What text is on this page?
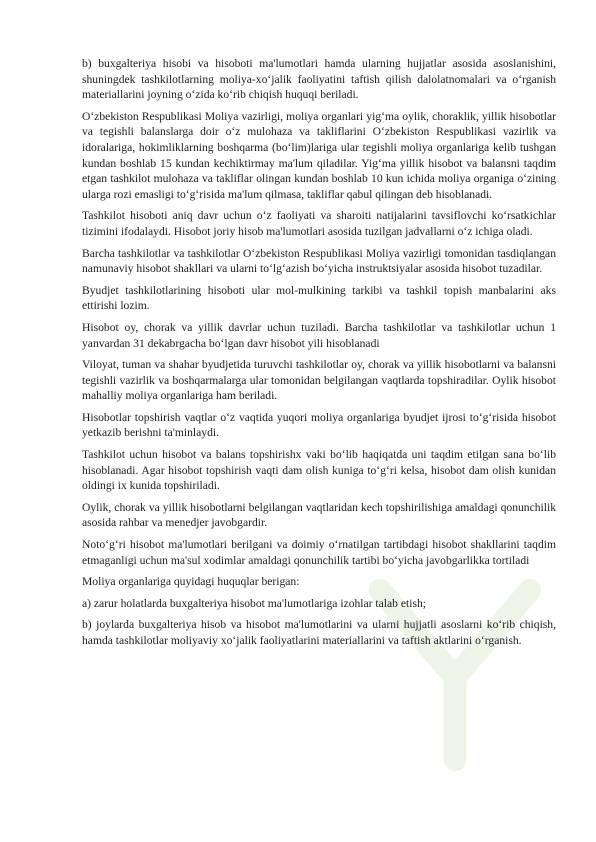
b) buxgalteriya hisobi va hisoboti ma'lumotlari hamda ularning hujjatlar asosida asoslanishini, shuningdek tashkilotlarning moliya-xo‘jalik faoliyatini taftish qilish dalolatnomalari va o‘rganish materiallarini joyning o‘zida ko‘rib chiqish huquqi beriladi.

O‘zbekiston Respublikasi Moliya vazirligi, moliya organlari yig‘ma oylik, choraklik, yillik hisobotlar va tegishli balanslarga doir o‘z mulohaza va takliflarini O‘zbekiston Respublikasi vazirlik va idoralariga, hokimliklarning boshqarma (bo‘lim)lariga ular tegishli moliya organlariga kelib tushgan kundan boshlab 15 kundan kechiktirmay ma'lum qiladilar. Yig‘ma yillik hisobot va balansni taqdim etgan tashkilot mulohaza va takliflar olingan kundan boshlab 10 kun ichida moliya organiga o‘zining ularga rozi emasligi to‘g‘risida ma'lum qilmasa, takliflar qabul qilingan deb hisoblanadi.

Tashkilot hisoboti aniq davr uchun o‘z faoliyati va sharoiti natijalarini tavsiflovchi ko‘rsatkichlar tizimini ifodalaydi. Hisobot joriy hisob ma'lumotlari asosida tuzilgan jadvallarni o‘z ichiga oladi.

Barcha tashkilotlar va tashkilotlar O‘zbekiston Respublikasi Moliya vazirligi tomonidan tasdiqlangan namunaviy hisobot shakllari va ularni to‘lg‘azish bo‘yicha instruktsiyalar asosida hisobot tuzadilar.

Byudjet tashkilotlarining hisoboti ular mol-mulkining tarkibi va tashkil topish manbalarini aks ettirishi lozim.

Hisobot oy, chorak va yillik davrlar uchun tuziladi. Barcha tashkilotlar va tashkilotlar uchun 1 yanvardan 31 dekabrgacha bo‘lgan davr hisobot yili hisoblanadi

Viloyat, tuman va shahar byudjetida turuvchi tashkilotlar oy, chorak va yillik hisobotlarni va balansni tegishli vazirlik va boshqarmalarga ular tomonidan belgilangan vaqtlarda topshiradilar. Oylik hisobot mahalliy moliya organlariga ham beriladi.

Hisobotlar topshirish vaqtlar o‘z vaqtida yuqori moliya organlariga byudjet ijrosi to‘g‘risida hisobot yetkazib berishni ta'minlaydi.

Tashkilot uchun hisobot va balans topshirishx vaki bo‘lib haqiqatda uni taqdim etilgan sana bo‘lib hisoblanadi. Agar hisobot topshirish vaqti dam olish kuniga to‘g‘ri kelsa, hisobot dam olish kunidan oldingi ix kunida topshiriladi.

Oylik, chorak va yillik hisobotlarni belgilangan vaqtlaridan kech topshirilishiga amaldagi qonunchilik asosida rahbar va menedjer javobgardir.

Noto‘g‘ri hisobot ma'lumotlari berilgani va doimiy o‘rnatilgan tartibdagi hisobot shakllarini taqdim etmaganligi uchun ma'sul xodimlar amaldagi qonunchilik tartibi bo‘yicha javobgarlikka tortiladi

Moliya organlariga quyidagi huquqlar berigan:

a) zarur holatlarda buxgalteriya hisobot ma'lumotlariga izohlar talab etish;

b) joylarda buxgalteriya hisob va hisobot ma'lumotlarini va ularni hujjatli asoslarni ko‘rib chiqish, hamda tashkilotlar moliyaviy xo‘jalik faoliyatlarini materiallarini va taftish aktlarini o‘rganish.
